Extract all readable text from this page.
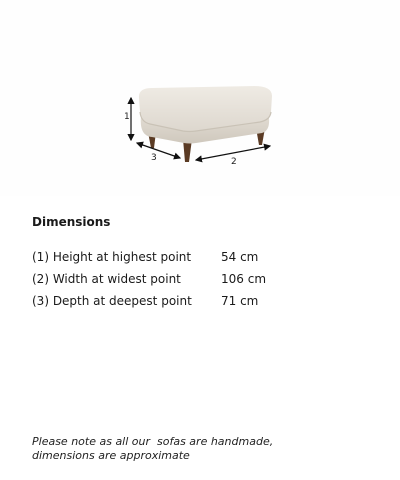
1
3	2
Dimensions
(1) Height at highest point	54 cm
(2) Width at widest point	106 cm
(3) Depth at deepest point	71 cm
Please note as all our  sofas are handmade,
dimensions are approximate
